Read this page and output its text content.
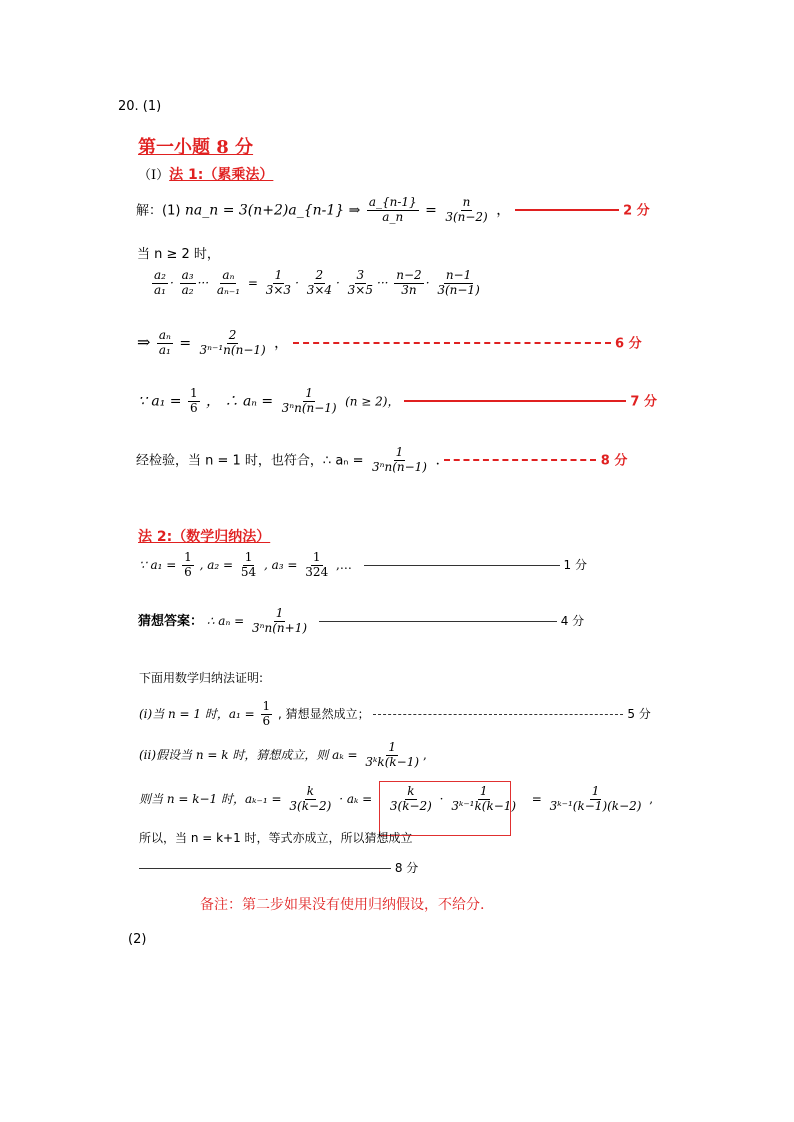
20. (1)
第一小题 8 分
（I）法 1:（累乘法）
解：(1) na_n = 3(n+2)a_{n-1} ⇒ $\frac{a\_\{n-1\}}{a\_n} = \frac{n}{3(n-2)}$ ，	2 分
当 n ≥ 2 时，
$\frac{\text{a₂}}{\text{a₁}} \cdot \frac{\text{a₃}}{\text{a₂}}$ ··· $\frac{\text{aₙ}}{\text{aₙ₋₁}} = \frac{1}{3\times 3} \cdot \frac{2}{3\times 4} \cdot \frac{3}{3\times 5}$ ··· $\frac{n-2}{3n} \cdot \frac{n-1}{3(n-1)}$
⇒ $\frac{\text{aₙ}}{\text{a₁}} = \frac{2}{\text{3ⁿ⁻¹n(n−1)}}$ ，	6 分
∵ $a_1 = \frac{1}{6}$ ， ∴ $a_n = \frac{1}{\text{3ⁿn(n−1)}} (n \ge 2)$，	7 分
经检验，当 n = 1 时，也符合，∴ $a_n = \frac{1}{\text{3ⁿn(n−1)}}$ .	8 分
法 2:（数学归纳法）
∵ $a_1 = \frac{1}{6}$ , $a_2 = \frac{1}{54}$ , $a_3 = \frac{1}{324}$ ,…	1 分
猜想答案： ∴ $a_n = \frac{1}{\text{3ⁿn(n+1)}}$	4 分
下面用数学归纳法证明:
(i)当 n = 1 时，$a_1 = \frac{1}{6}$ , 猜想显然成立；	5 分
(ii)假设当 n = k 时，猜想成立，则 $a_k = \frac{1}{\text{3ᵏk(k−1)}}$ ,
则当 n = k−1 时，$a_{k-1} = \frac{k}{3(k-2)} \cdot a_k = \frac{k}{3(k-2)} \cdot \frac{1}{\text{3ᵏ⁻¹k(k−1)}} = \frac{1}{\text{3ᵏ⁻¹(k−1)(k−2)}}$ ,
所以，当 n = k+1 时，等式亦成立，所以猜想成立
8 分
备注：第二步如果没有使用归纳假设，不给分.
(2)
